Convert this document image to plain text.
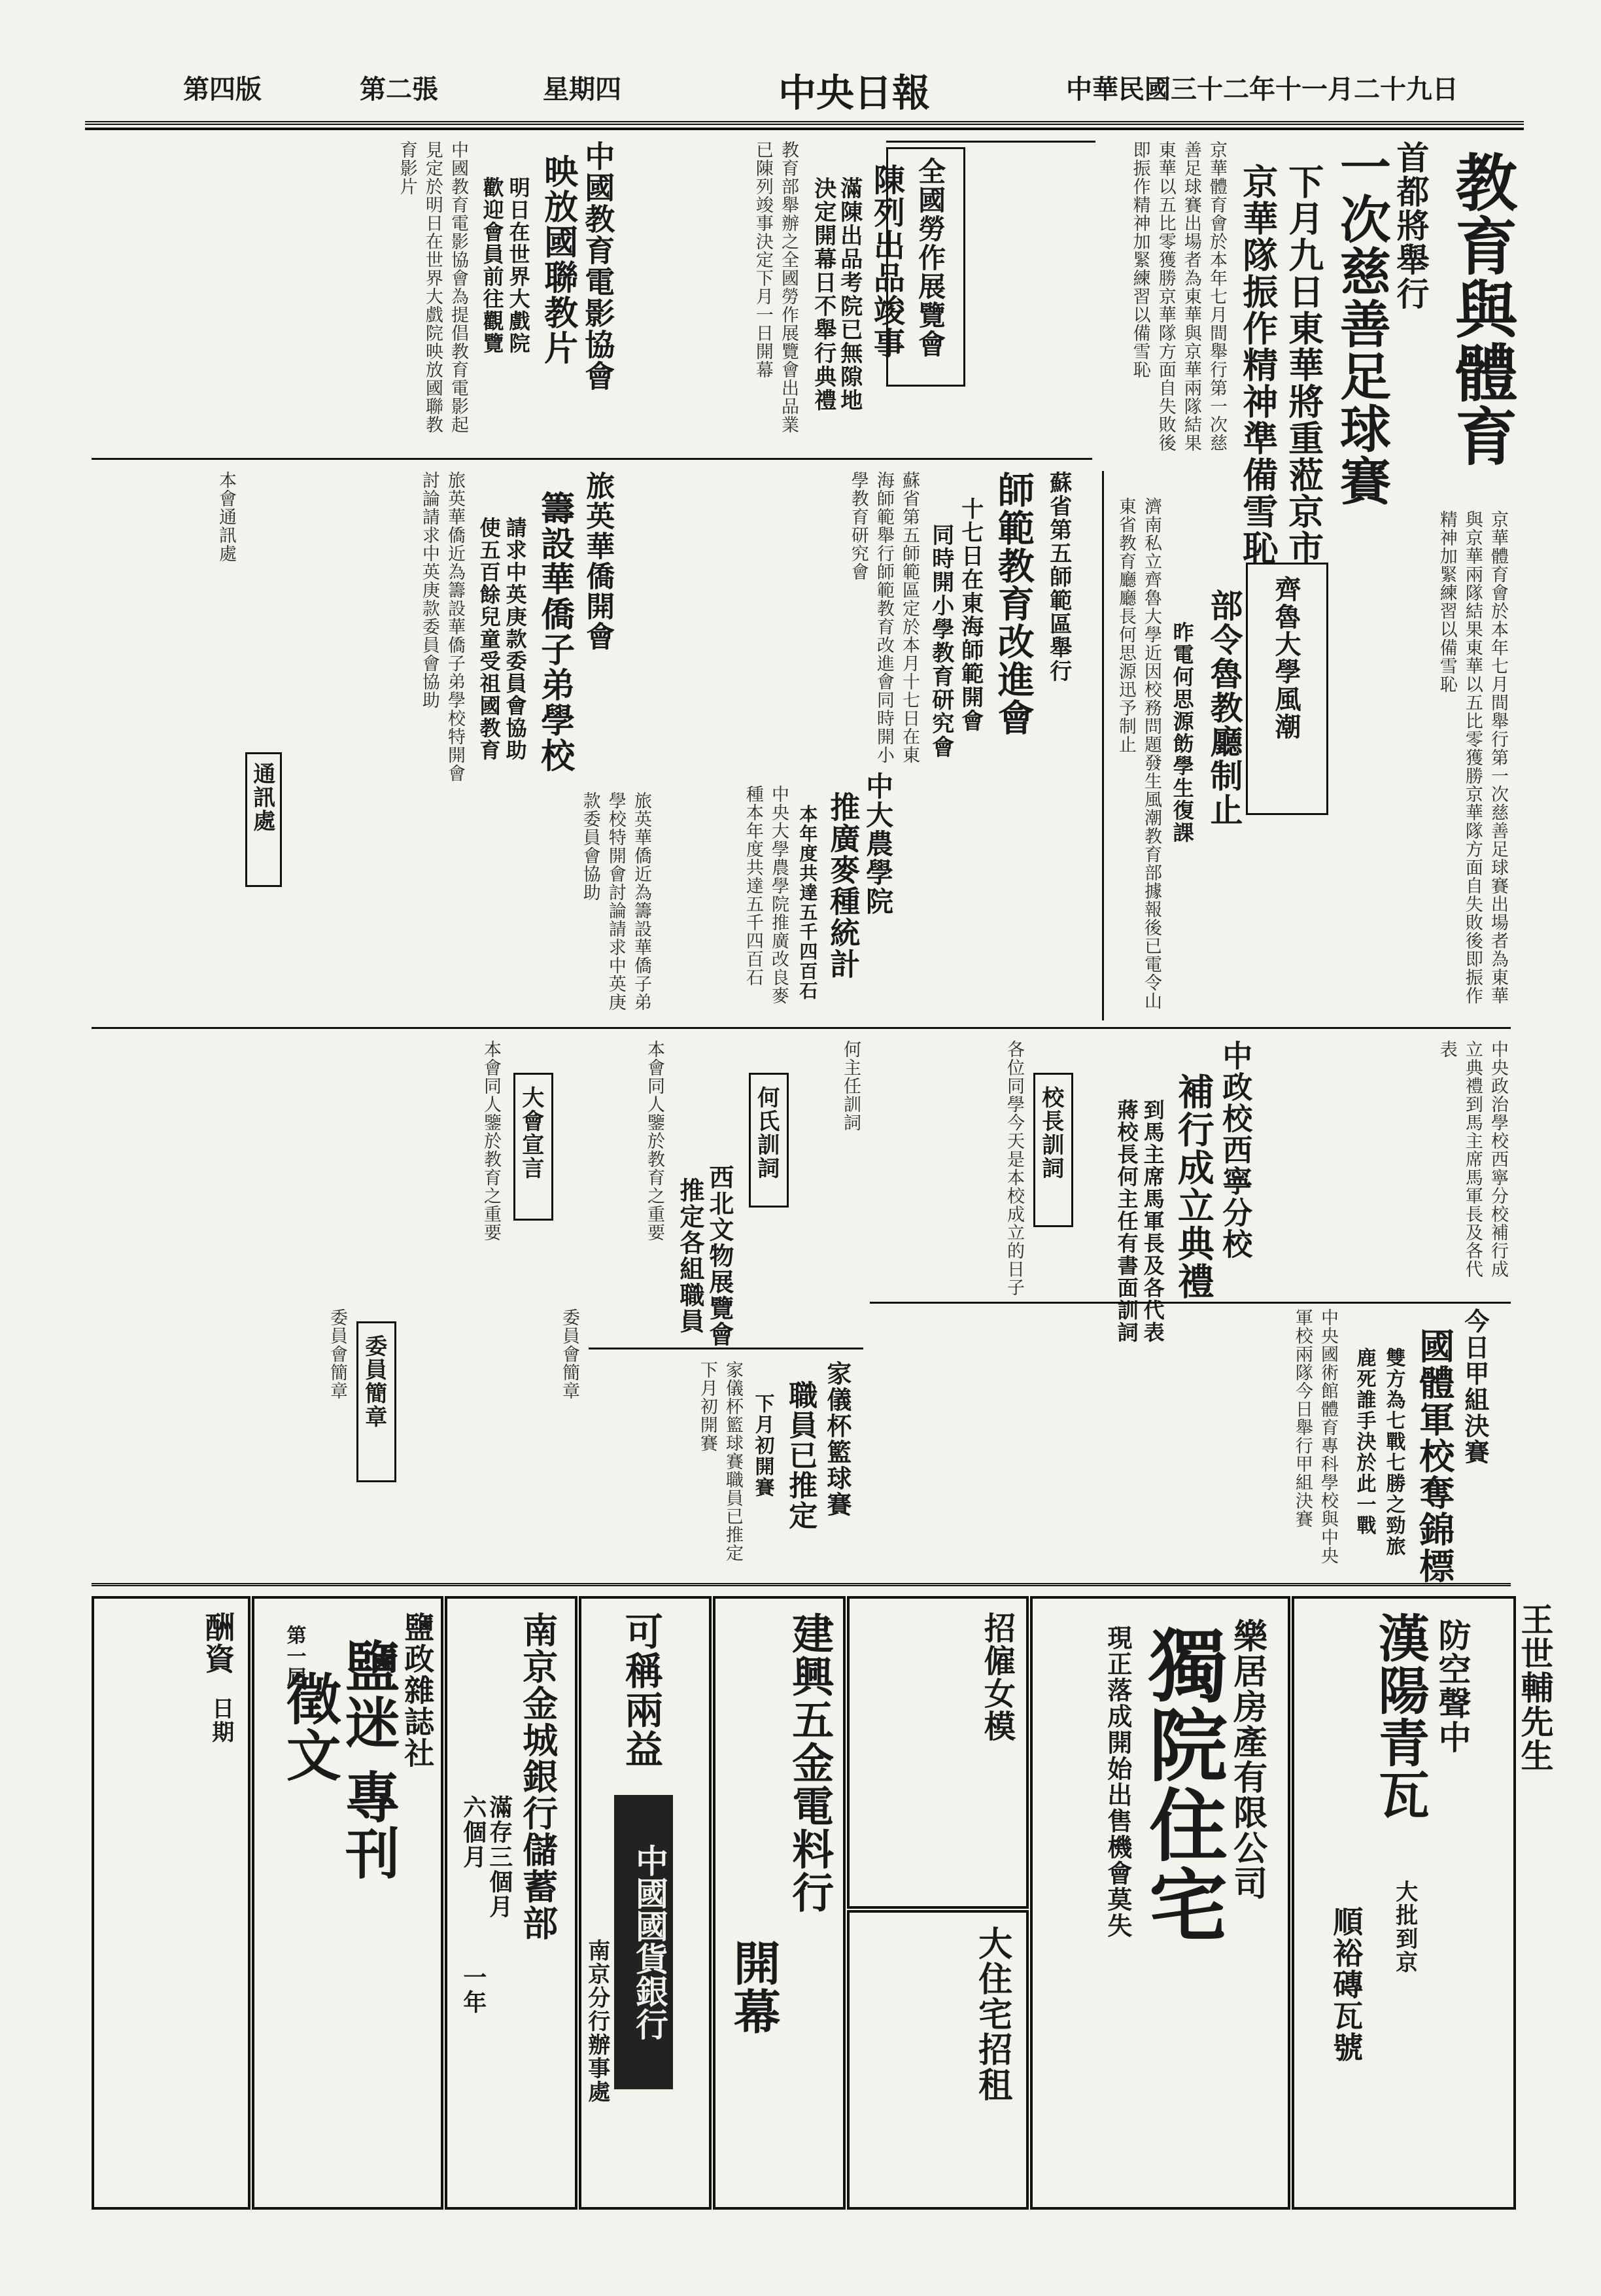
中華民國三十二年十一月二十九日
中央日報
星期四
第二張
第四版
教育與體育
首都將舉行
一次慈善足球賽
下月九日東華將重蒞京市
京華隊振作精神準備雪恥
京華體育會於本年七月間舉行第一次慈善足球賽出場者為東華與京華兩隊結果東華以五比零獲勝京華隊方面自失敗後即振作精神加緊練習以備雪恥
全國勞作展覽會
陳列出品竣事
滿陳出品考院已無隙地
決定開幕日不舉行典禮
教育部舉辦之全國勞作展覽會出品業已陳列竣事決定下月一日開幕
中國教育電影協會
映放國聯教片
明日在世界大戲院
歡迎會員前往觀覽
中國教育電影協會為提倡教育電影起見定於明日在世界大戲院映放國聯教育影片
齊魯大學風潮
部令魯教廳制止
昨電何思源飭學生復課
濟南私立齊魯大學近因校務問題發生風潮教育部據報後已電令山東省教育廳廳長何思源迅予制止	京華體育會於本年七月間舉行第一次慈善足球賽出場者為東華與京華兩隊結果東華以五比零獲勝京華隊方面自失敗後即振作精神加緊練習以備雪恥
蘇省第五師範區舉行
師範教育改進會
十七日在東海師範開會
同時開小學教育研究會
蘇省第五師範區定於本月十七日在東海師範舉行師範教育改進會同時開小學教育研究會
旅英華僑開會
籌設華僑子弟學校
請求中英庚款委員會協助
使五百餘兒童受祖國教育
旅英華僑近為籌設華僑子弟學校特開會討論請求中英庚款委員會協助
通訊處
本會通訊處
中大農學院
推廣麥種統計
本年度共達五千四百石
中央大學農學院推廣改良麥種本年度共達五千四百石
旅英華僑近為籌設華僑子弟學校特開會討論請求中英庚款委員會協助
中政校西寧分校
補行成立典禮
到馬主席馬軍長及各代表
蔣校長何主任有書面訓詞	中央政治學校西寧分校補行成立典禮到馬主席馬軍長及各代表
校長訓詞
各位同學今天是本校成立的日子
何氏訓詞	何主任訓詞
西北文物展覽會
推定各組職員
大會宣言	本會同人鑒於教育之重要
本會同人鑒於教育之重要
今日甲組決賽
國體軍校奪錦標
雙方為七戰七勝之勁旅
鹿死誰手決於此一戰
中央國術館體育專科學校與中央軍校兩隊今日舉行甲組決賽
家儀杯籃球賽
職員已推定
下月初開賽
家儀杯籃球賽職員已推定下月初開賽
委員簡章	委員會簡章
委員會簡章
防空聲中
漢陽青瓦
大批到京
順裕磚瓦號
王世輔先生
樂居房產有限公司
獨院住宅
現正落成開始出售機會莫失
招僱女模
大住宅招租
建興五金電料行
開幕
可稱兩益
中國國貨銀行
南京分行辦事處
南京金城銀行儲蓄部
滿存三個月
六個月
一年
鹽政雜誌社
鹽迷
專刊
徵文
第一屆
酬資
日期
